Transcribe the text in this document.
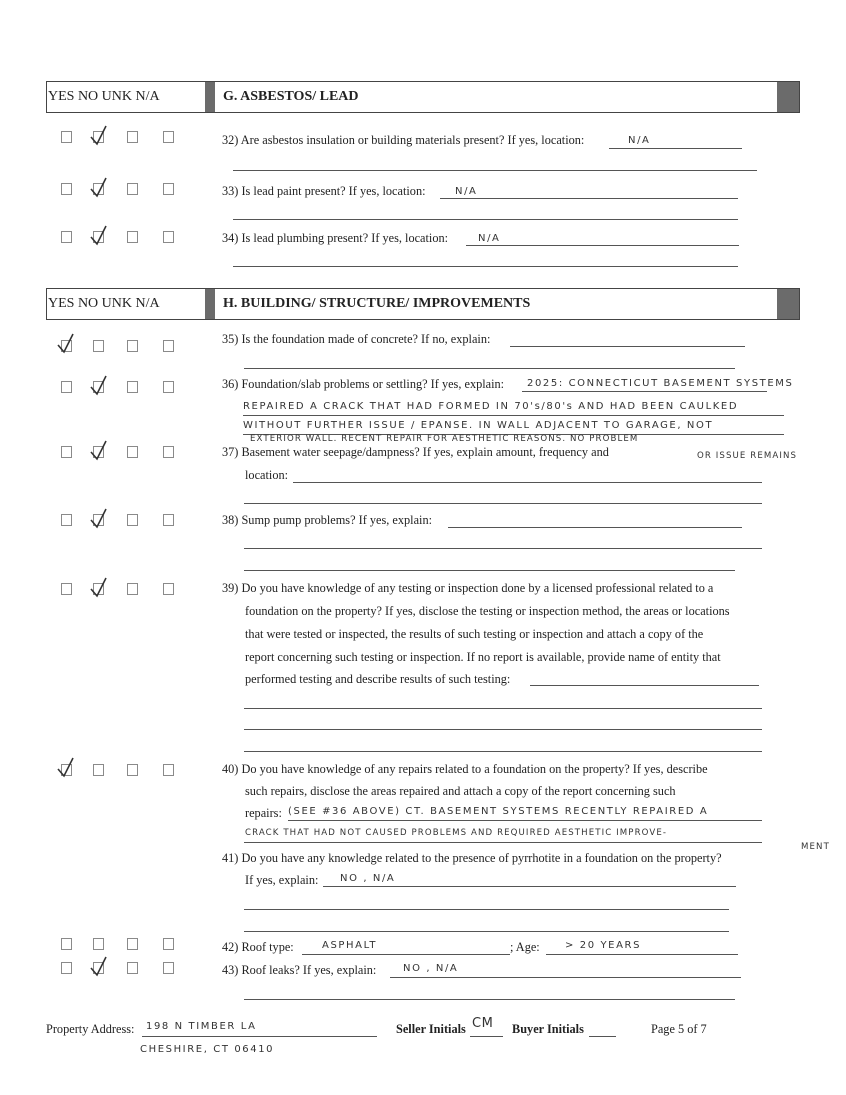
YES NO UNK N/A	G. ASBESTOS/ LEAD
32) Are asbestos insulation or building materials present? If yes, location:	N/A
33) Is lead paint present? If yes, location:	N/A
34) Is lead plumbing present? If yes, location:	N/A
YES NO UNK N/A	H. BUILDING/ STRUCTURE/ IMPROVEMENTS
35) Is the foundation made of concrete? If no, explain:
36) Foundation/slab problems or settling? If yes, explain: 2025: CONNECTICUT BASEMENT SYSTEMS
REPAIRED A CRACK THAT HAD FORMED IN 70's/80's AND HAD BEEN CAULKED
WITHOUT FURTHER ISSUE / EPANSE. IN WALL ADJACENT TO GARAGE, NOT
EXTERIOR WALL. RECENT REPAIR FOR AESTHETIC REASONS. NO PROBLEM
OR ISSUE REMAINS
37) Basement water seepage/dampness? If yes, explain amount, frequency and
location:
38) Sump pump problems? If yes, explain:
39) Do you have knowledge of any testing or inspection done by a licensed professional related to a
foundation on the property? If yes, disclose the testing or inspection method, the areas or locations
that were tested or inspected, the results of such testing or inspection and attach a copy of the
report concerning such testing or inspection. If no report is available, provide name of entity that
performed testing and describe results of such testing:
40) Do you have knowledge of any repairs related to a foundation on the property? If yes, describe
such repairs, disclose the areas repaired and attach a copy of the report concerning such
repairs: (SEE #36 ABOVE) CT. BASEMENT SYSTEMS RECENTLY REPAIRED A
CRACK THAT HAD NOT CAUSED PROBLEMS AND REQUIRED AESTHETIC IMPROVE-
MENT
41) Do you have any knowledge related to the presence of pyrrhotite in a foundation on the property?
If yes, explain: NO , N/A
42) Roof type:	ASPHALT	; Age:	> 20 YEARS
43) Roof leaks? If yes, explain:	NO , N/A
Property Address: 198 N TIMBER LA
CHESHIRE, CT 06410
Seller Initials CM Buyer Initials	Page 5 of 7
